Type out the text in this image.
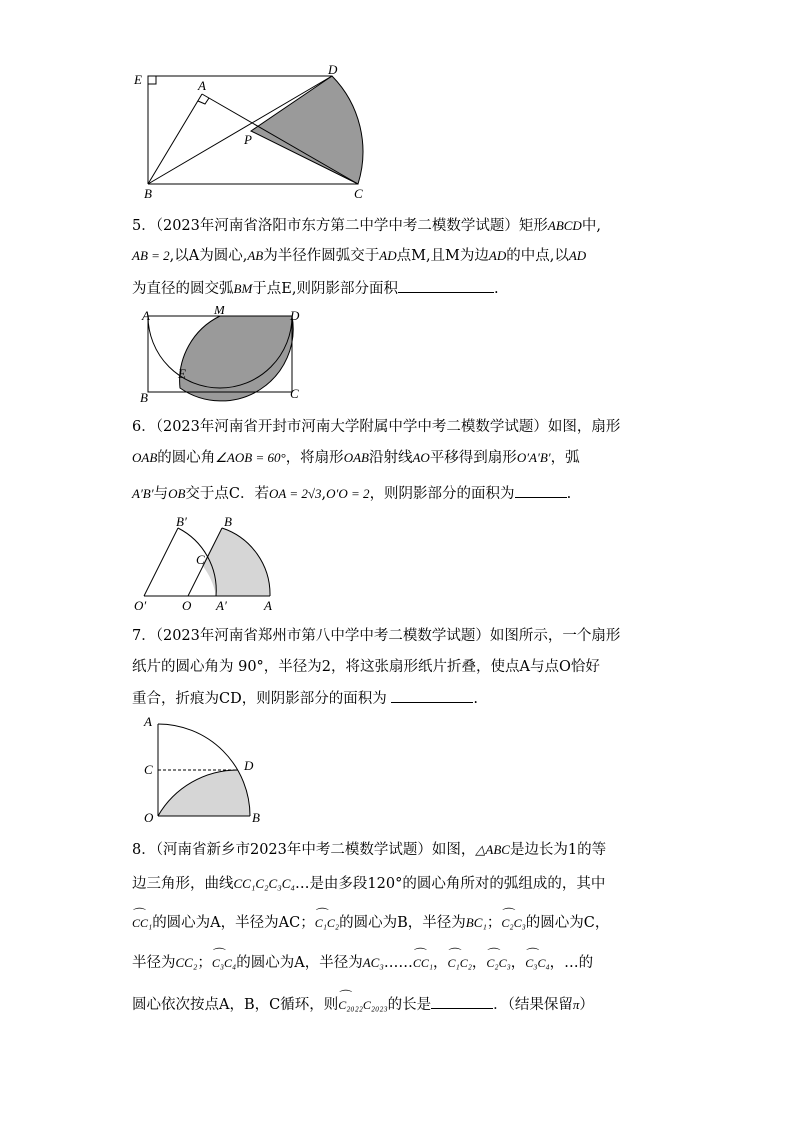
E	A
D
P
B	C
5．（2023年河南省洛阳市东方第二中学中考二模数学试题）矩形ABCD中,
AB = 2,以A为圆心,AB为半径作圆弧交于AD点M,且M为边AD的中点,以AD
为直径的圆交弧BM于点E,则阴影部分面积	.
A	M	D
E
B	C
6．（2023年河南省开封市河南大学附属中学中考二模数学试题）如图，扇形
OAB的圆心角∠AOB = 60°，将扇形OAB沿射线AO平移得到扇形O′A′B′，弧
A′B′与OB交于点C．若OA = 2√3,O′O = 2，则阴影部分的面积为	.
B′	B
C
O′	O A′	A
7．（2023年河南省郑州市第八中学中考二模数学试题）如图所示，一个扇形
纸片的圆心角为 90°，半径为2，将这张扇形纸片折叠，使点A与点O恰好
重合，折痕为CD，则阴影部分的面积为	.
A
C	D
O	B
8．（河南省新乡市2023年中考二模数学试题）如图，△ABC是边长为1的等
边三角形，曲线CC₁C₂C₃C₄…是由多段120°的圆心角所对的弧组成的，其中
⌒ CC₁的圆心为A，半径为AC；⌒ C₁C₂的圆心为B，半径为BC₁；⌒ C₂C₃的圆心为C，
半径为CC₂；⌒ C₃C₄的圆心为A，半径为AC₃……⌒ CC₁，⌒ C₁C₂，⌒ C₂C₃，⌒ C₃C₄，…的
圆心依次按点A，B，C循环，则⌒ C₂₀₂₂C₂₀₂₃的长是	．（结果保留π）
